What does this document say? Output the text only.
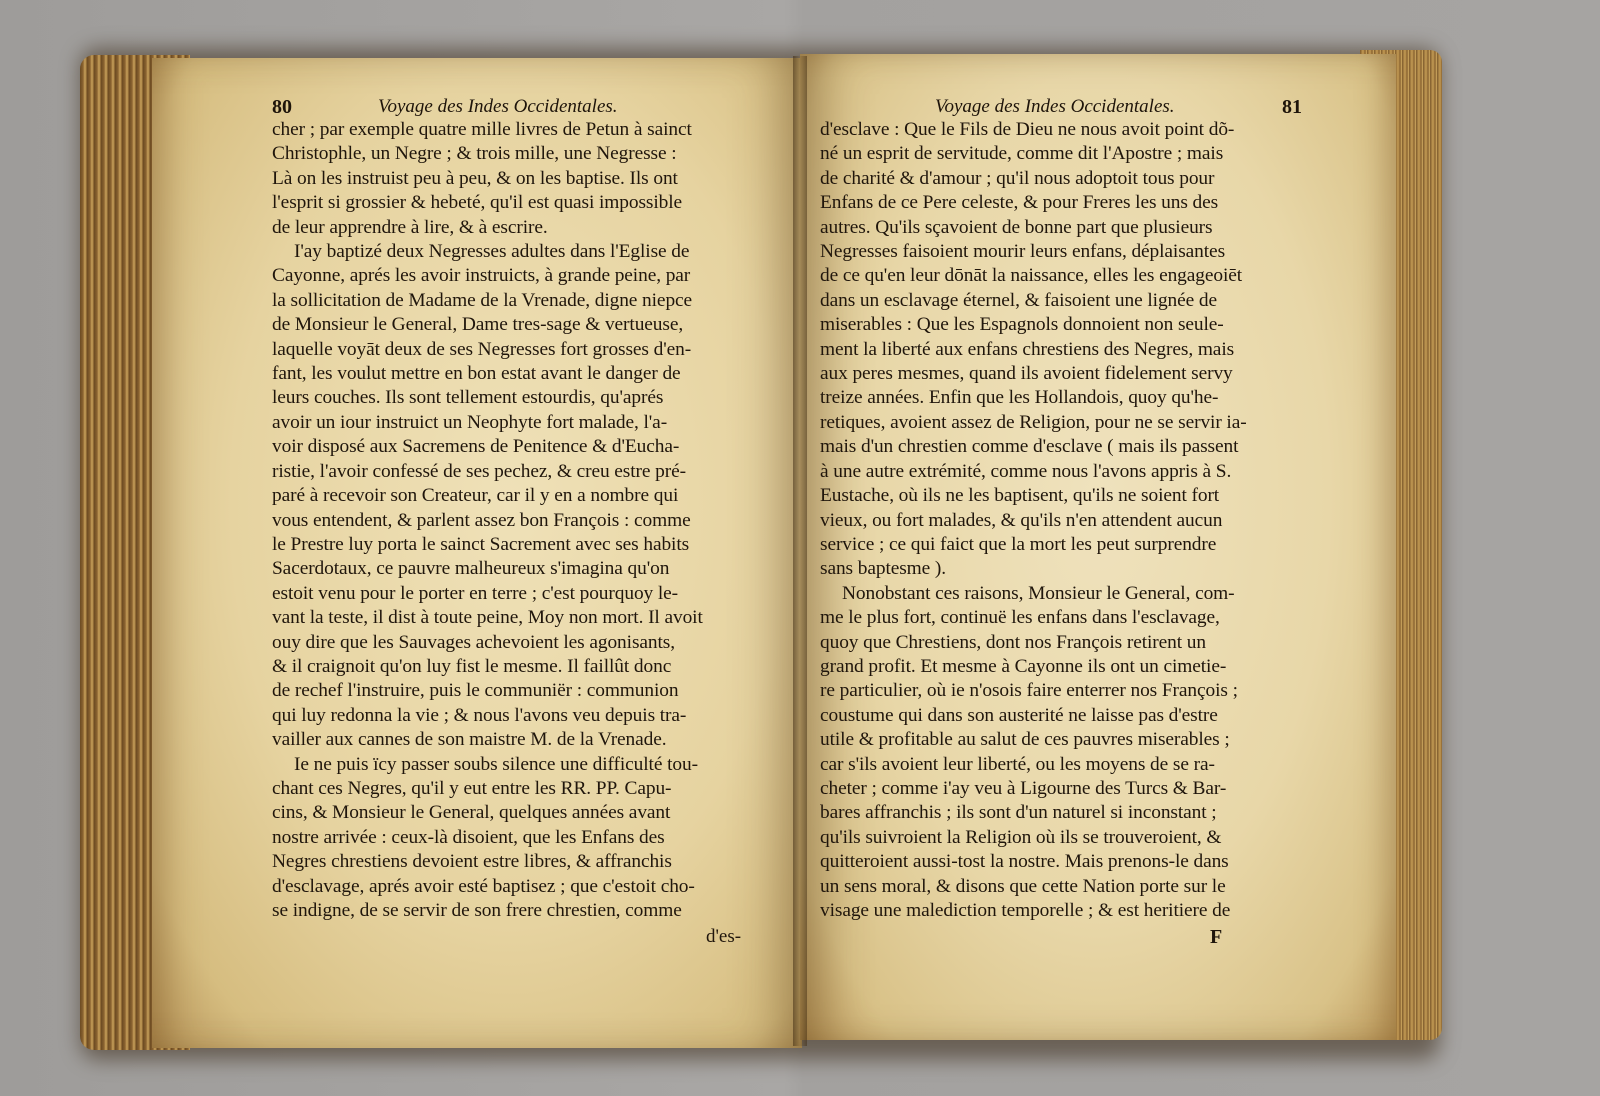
80	Voyage des Indes Occidentales.
cher ; par exemple quatre mille livres de Petun à sainct
Christophle, un Negre ; & trois mille, une Negresse :
Là on les instruist peu à peu, & on les baptise. Ils ont
l'esprit si grossier & hebeté, qu'il est quasi impossible
de leur apprendre à lire, & à escrire.
I'ay baptizé deux Negresses adultes dans l'Eglise de
Cayonne, aprés les avoir instruicts, à grande peine, par
la sollicitation de Madame de la Vrenade, digne niepce
de Monsieur le General, Dame tres-sage & vertueuse,
laquelle voyāt deux de ses Negresses fort grosses d'en-
fant, les voulut mettre en bon estat avant le danger de
leurs couches. Ils sont tellement estourdis, qu'aprés
avoir un iour instruict un Neophyte fort malade, l'a-
voir disposé aux Sacremens de Penitence & d'Eucha-
ristie, l'avoir confessé de ses pechez, & creu estre pré-
paré à recevoir son Createur, car il y en a nombre qui
vous entendent, & parlent assez bon François : comme
le Prestre luy porta le sainct Sacrement avec ses habits
Sacerdotaux, ce pauvre malheureux s'imagina qu'on
estoit venu pour le porter en terre ; c'est pourquoy le-
vant la teste, il dist à toute peine, Moy non mort. Il avoit
ouy dire que les Sauvages achevoient les agonisants,
& il craignoit qu'on luy fist le mesme. Il faillût donc
de rechef l'instruire, puis le communiër : communion
qui luy redonna la vie ; & nous l'avons veu depuis tra-
vailler aux cannes de son maistre M. de la Vrenade.
Ie ne puis ïcy passer soubs silence une difficulté tou-
chant ces Negres, qu'il y eut entre les RR. PP. Capu-
cins, & Monsieur le General, quelques années avant
nostre arrivée : ceux-là disoient, que les Enfans des
Negres chrestiens devoient estre libres, & affranchis
d'esclavage, aprés avoir esté baptisez ; que c'estoit cho-
se indigne, de se servir de son frere chrestien, comme
d'es-
Voyage des Indes Occidentales.	81
d'esclave : Que le Fils de Dieu ne nous avoit point dõ-
né un esprit de servitude, comme dit l'Apostre ; mais
de charité & d'amour ; qu'il nous adoptoit tous pour
Enfans de ce Pere celeste, & pour Freres les uns des
autres. Qu'ils sçavoient de bonne part que plusieurs
Negresses faisoient mourir leurs enfans, déplaisantes
de ce qu'en leur dōnāt la naissance, elles les engageoiēt
dans un esclavage éternel, & faisoient une lignée de
miserables : Que les Espagnols donnoient non seule-
ment la liberté aux enfans chrestiens des Negres, mais
aux peres mesmes, quand ils avoient fidelement servy
treize années. Enfin que les Hollandois, quoy qu'he-
retiques, avoient assez de Religion, pour ne se servir ia-
mais d'un chrestien comme d'esclave ( mais ils passent
à une autre extrémité, comme nous l'avons appris à S.
Eustache, où ils ne les baptisent, qu'ils ne soient fort
vieux, ou fort malades, & qu'ils n'en attendent aucun
service ; ce qui faict que la mort les peut surprendre
sans baptesme ).
Nonobstant ces raisons, Monsieur le General, com-
me le plus fort, continuë les enfans dans l'esclavage,
quoy que Chrestiens, dont nos François retirent un
grand profit. Et mesme à Cayonne ils ont un cimetie-
re particulier, où ie n'osois faire enterrer nos François ;
coustume qui dans son austerité ne laisse pas d'estre
utile & profitable au salut de ces pauvres miserables ;
car s'ils avoient leur liberté, ou les moyens de se ra-
cheter ; comme i'ay veu à Ligourne des Turcs & Bar-
bares affranchis ; ils sont d'un naturel si inconstant ;
qu'ils suivroient la Religion où ils se trouveroient, &
quitteroient aussi-tost la nostre. Mais prenons-le dans
un sens moral, & disons que cette Nation porte sur le
visage une malediction temporelle ; & est heritiere de
F
